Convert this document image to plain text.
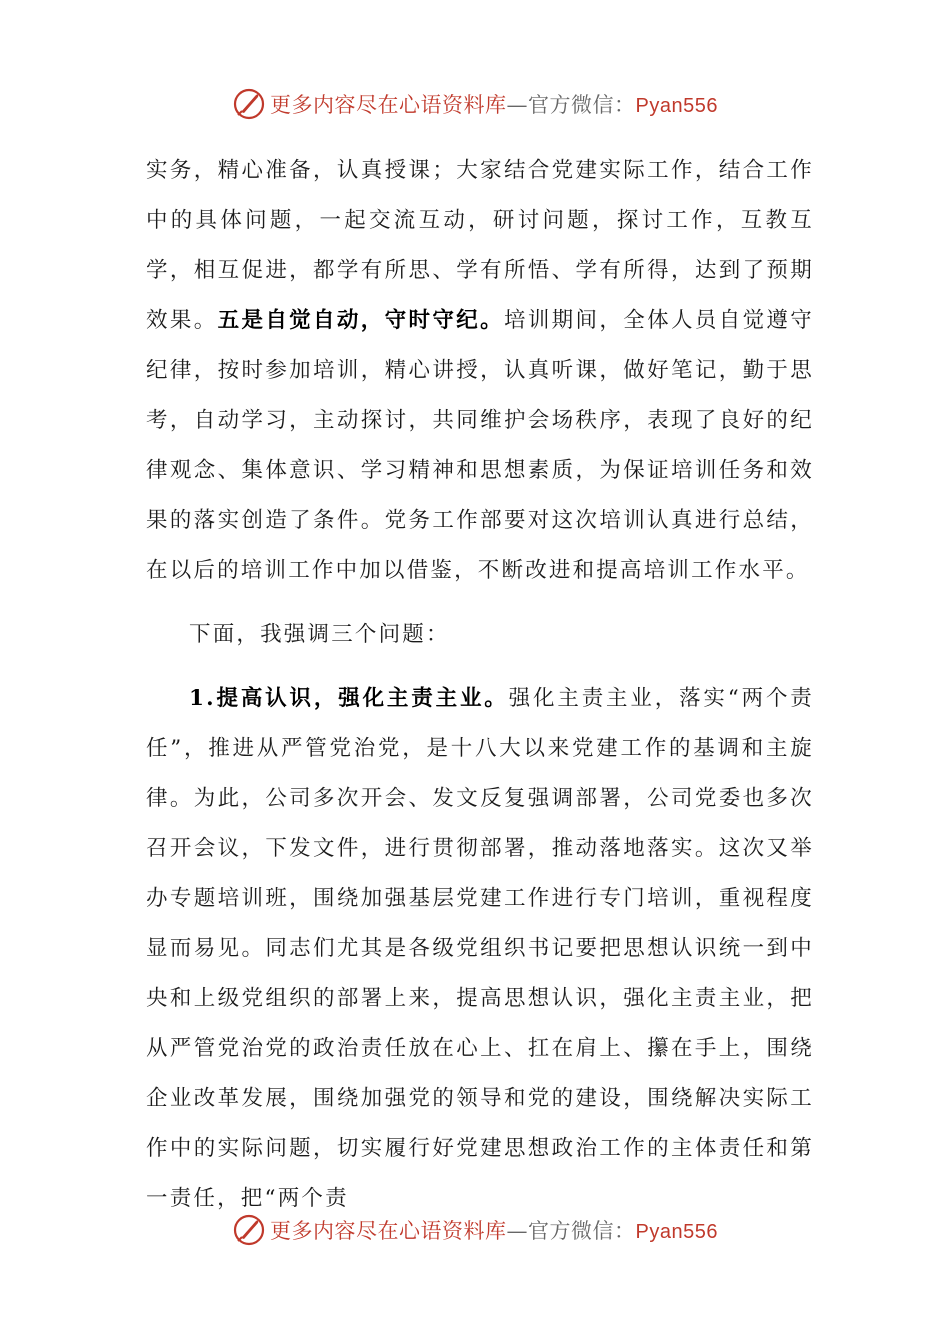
更多内容尽在心语资料库—官方微信：Pyan556

实务，精心准备，认真授课；大家结合党建实际工作，结合工作中的具体问题，一起交流互动，研讨问题，探讨工作，互教互学，相互促进，都学有所思、学有所悟、学有所得，达到了预期效果。五是自觉自动，守时守纪。培训期间，全体人员自觉遵守纪律，按时参加培训，精心讲授，认真听课，做好笔记，勤于思考，自动学习，主动探讨，共同维护会场秩序，表现了良好的纪律观念、集体意识、学习精神和思想素质，为保证培训任务和效果的落实创造了条件。党务工作部要对这次培训认真进行总结，在以后的培训工作中加以借鉴，不断改进和提高培训工作水平。

下面，我强调三个问题：

1.提高认识，强化主责主业。强化主责主业，落实“两个责任”，推进从严管党治党，是十八大以来党建工作的基调和主旋律。为此，公司多次开会、发文反复强调部署，公司党委也多次召开会议，下发文件，进行贯彻部署，推动落地落实。这次又举办专题培训班，围绕加强基层党建工作进行专门培训，重视程度显而易见。同志们尤其是各级党组织书记要把思想认识统一到中央和上级党组织的部署上来，提高思想认识，强化主责主业，把从严管党治党的政治责任放在心上、扛在肩上、攥在手上，围绕企业改革发展，围绕加强党的领导和党的建设，围绕解决实际工作中的实际问题，切实履行好党建思想政治工作的主体责任和第一责任，把“两个责

更多内容尽在心语资料库—官方微信：Pyan556
